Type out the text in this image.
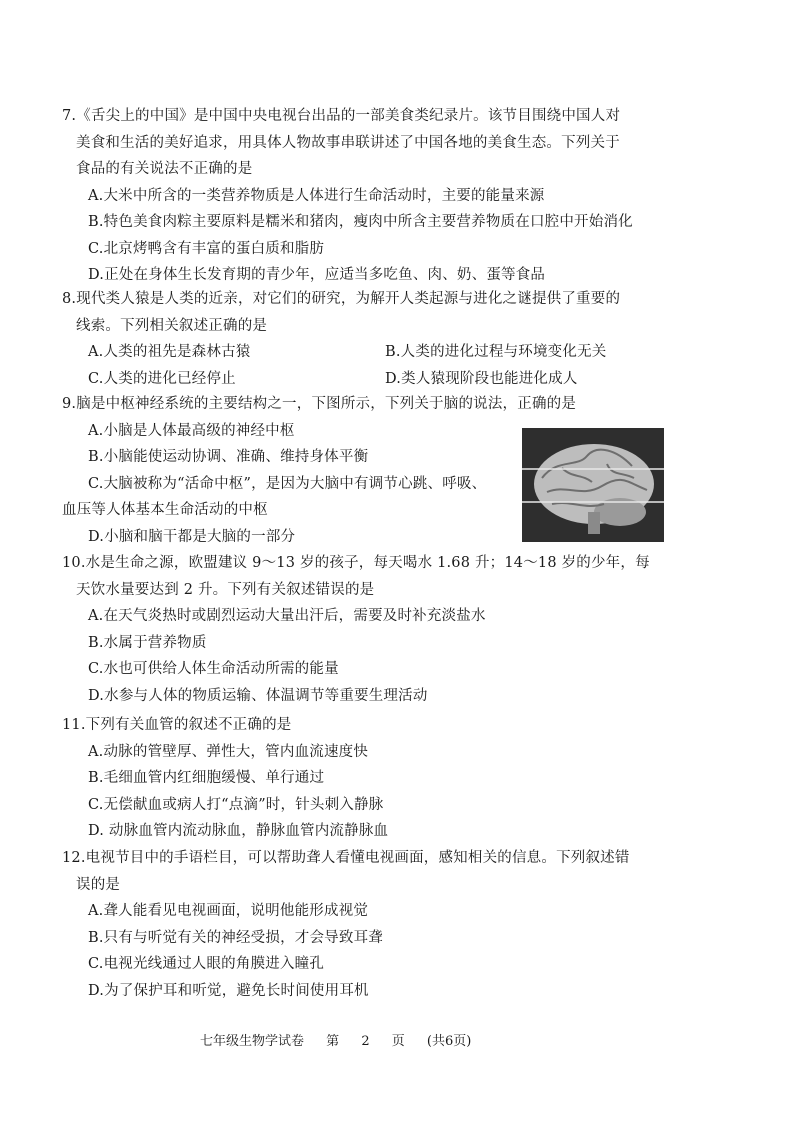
7.《舌尖上的中国》是中国中央电视台出品的一部美食类纪录片。该节目围绕中国人对
美食和生活的美好追求，用具体人物故事串联讲述了中国各地的美食生态。下列关于
食品的有关说法不正确的是
A.大米中所含的一类营养物质是人体进行生命活动时，主要的能量来源
B.特色美食肉粽主要原料是糯米和猪肉，瘦肉中所含主要营养物质在口腔中开始消化
C.北京烤鸭含有丰富的蛋白质和脂肪
D.正处在身体生长发育期的青少年，应适当多吃鱼、肉、奶、蛋等食品
8.现代类人猿是人类的近亲，对它们的研究，为解开人类起源与进化之谜提供了重要的
线索。下列相关叙述正确的是
A.人类的祖先是森林古猿	B.人类的进化过程与环境变化无关
C.人类的进化已经停止	D.类人猿现阶段也能进化成人
9.脑是中枢神经系统的主要结构之一，下图所示，下列关于脑的说法，正确的是
A.小脑是人体最高级的神经中枢
B.小脑能使运动协调、准确、维持身体平衡
C.大脑被称为“活命中枢”，是因为大脑中有调节心跳、呼吸、
血压等人体基本生命活动的中枢
D.小脑和脑干都是大脑的一部分
10.水是生命之源，欧盟建议 9～13 岁的孩子，每天喝水 1.68 升；14～18 岁的少年，每
天饮水量要达到 2 升。下列有关叙述错误的是
A.在天气炎热时或剧烈运动大量出汗后，需要及时补充淡盐水
B.水属于营养物质
C.水也可供给人体生命活动所需的能量
D.水参与人体的物质运输、体温调节等重要生理活动
11.下列有关血管的叙述不正确的是
A.动脉的管壁厚、弹性大，管内血流速度快
B.毛细血管内红细胞缓慢、单行通过
C.无偿献血或病人打“点滴”时，针头刺入静脉
D. 动脉血管内流动脉血，静脉血管内流静脉血
12.电视节目中的手语栏目，可以帮助聋人看懂电视画面，感知相关的信息。下列叙述错
误的是
A.聋人能看见电视画面，说明他能形成视觉
B.只有与听觉有关的神经受损，才会导致耳聋
C.电视光线通过人眼的角膜进入瞳孔
D.为了保护耳和听觉，避免长时间使用耳机
七年级生物学试卷 第 2 页 (共6页)
